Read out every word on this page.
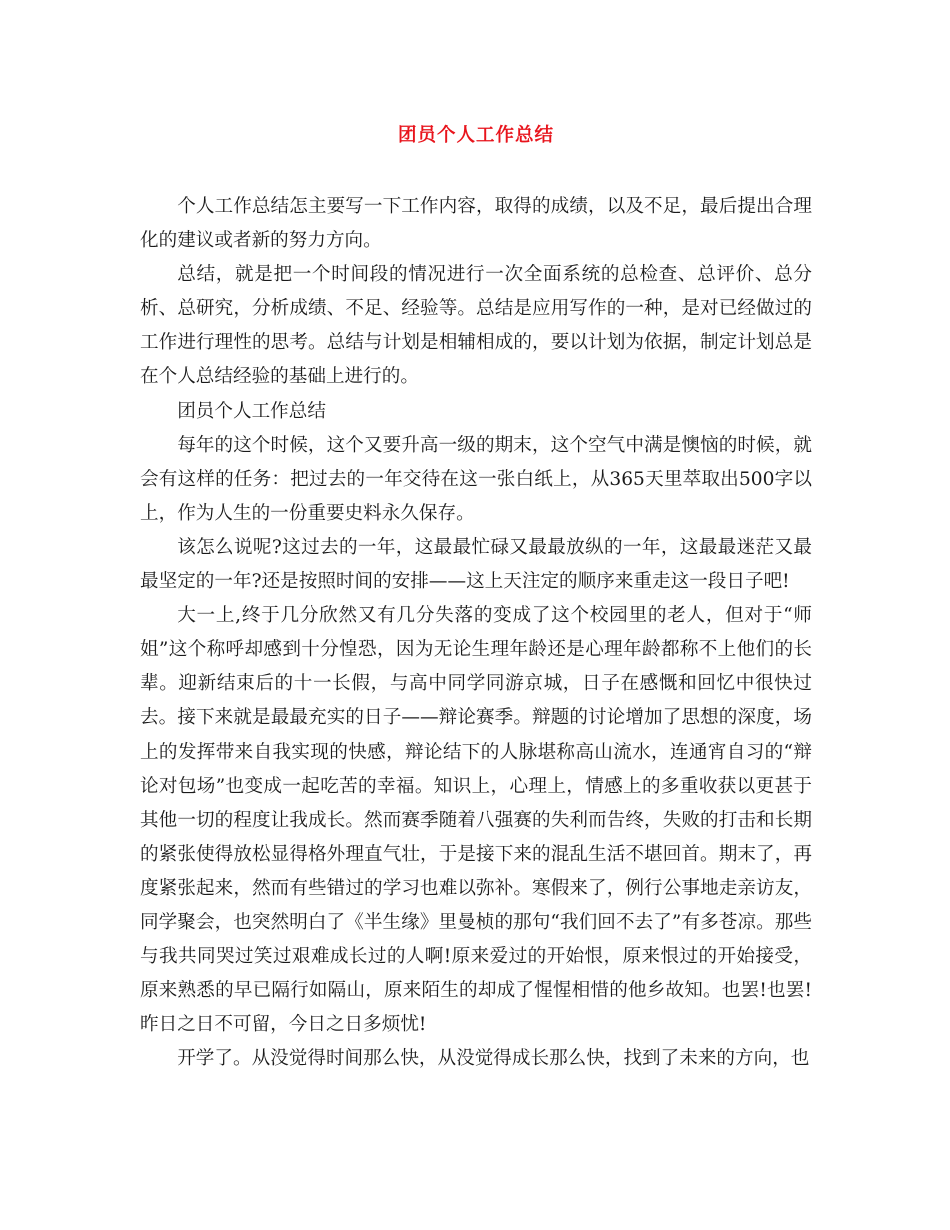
团员个人工作总结

个人工作总结怎主要写一下工作内容，取得的成绩，以及不足，最后提出合理化的建议或者新的努力方向。

总结，就是把一个时间段的情况进行一次全面系统的总检查、总评价、总分析、总研究，分析成绩、不足、经验等。总结是应用写作的一种，是对已经做过的工作进行理性的思考。总结与计划是相辅相成的，要以计划为依据，制定计划总是在个人总结经验的基础上进行的。

团员个人工作总结

每年的这个时候，这个又要升高一级的期末，这个空气中满是懊恼的时候，就会有这样的任务：把过去的一年交待在这一张白纸上，从365天里萃取出500字以上，作为人生的一份重要史料永久保存。

该怎么说呢?这过去的一年，这最最忙碌又最最放纵的一年，这最最迷茫又最最坚定的一年?还是按照时间的安排——这上天注定的顺序来重走这一段日子吧!

大一上,终于几分欣然又有几分失落的变成了这个校园里的老人，但对于“师姐”这个称呼却感到十分惶恐，因为无论生理年龄还是心理年龄都称不上他们的长辈。迎新结束后的十一长假，与高中同学同游京城，日子在感慨和回忆中很快过去。接下来就是最最充实的日子——辩论赛季。辩题的讨论增加了思想的深度，场上的发挥带来自我实现的快感，辩论结下的人脉堪称高山流水，连通宵自习的“辩论对包场”也变成一起吃苦的幸福。知识上，心理上，情感上的多重收获以更甚于其他一切的程度让我成长。然而赛季随着八强赛的失利而告终，失败的打击和长期的紧张使得放松显得格外理直气壮，于是接下来的混乱生活不堪回首。期末了，再度紧张起来，然而有些错过的学习也难以弥补。寒假来了，例行公事地走亲访友，同学聚会，也突然明白了《半生缘》里曼桢的那句“我们回不去了”有多苍凉。那些与我共同哭过笑过艰难成长过的人啊!原来爱过的开始恨，原来恨过的开始接受，原来熟悉的早已隔行如隔山，原来陌生的却成了惺惺相惜的他乡故知。也罢!也罢!昨日之日不可留，今日之日多烦忧!

开学了。从没觉得时间那么快，从没觉得成长那么快，找到了未来的方向，也
